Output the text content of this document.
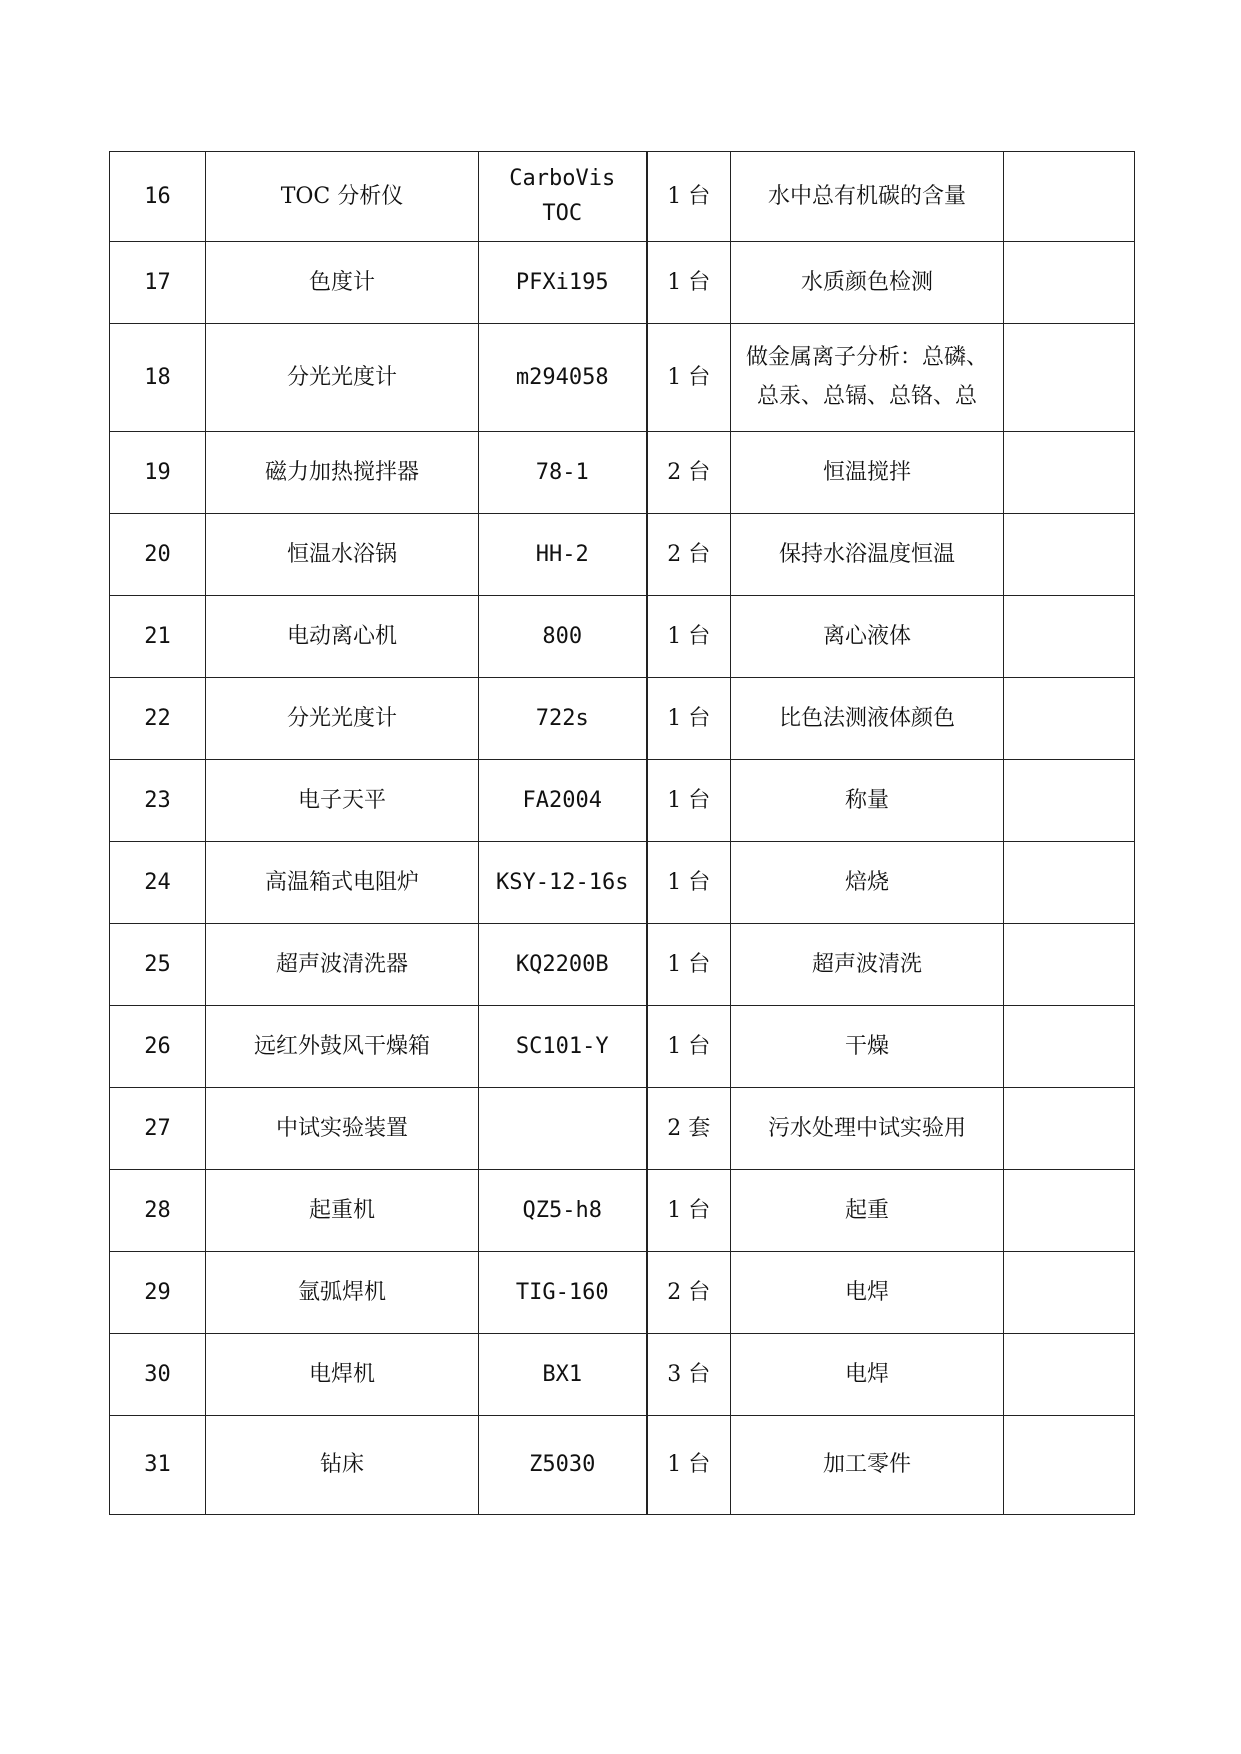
16	TOC 分析仪	CarboVis TOC	1 台	水中总有机碳的含量	
17	色度计	PFXi195	1 台	水质颜色检测	
18	分光光度计	m294058	1 台	做金属离子分析：总磷、总汞、总镉、总铬、总	
19	磁力加热搅拌器	78-1	2 台	恒温搅拌	
20	恒温水浴锅	HH-2	2 台	保持水浴温度恒温	
21	电动离心机	800	1 台	离心液体	
22	分光光度计	722s	1 台	比色法测液体颜色	
23	电子天平	FA2004	1 台	称量	
24	高温箱式电阻炉	KSY-12-16s	1 台	焙烧	
25	超声波清洗器	KQ2200B	1 台	超声波清洗	
26	远红外鼓风干燥箱	SC101-Y	1 台	干燥	
27	中试实验装置		2 套	污水处理中试实验用	
28	起重机	QZ5-h8	1 台	起重	
29	氩弧焊机	TIG-160	2 台	电焊	
30	电焊机	BX1	3 台	电焊	
31	钻床	Z5030	1 台	加工零件	
